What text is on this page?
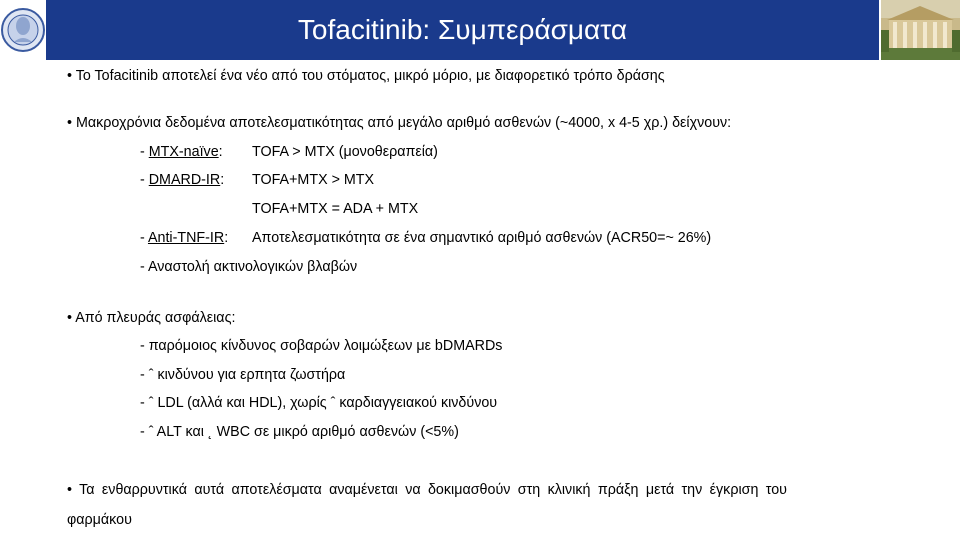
Tofacitinib: Συμπεράσματα
• To Tofacitinib αποτελεί ένα νέο από του στόματος, μικρό μόριο, με διαφορετικό τρόπο δράσης
• Μακροχρόνια δεδομένα αποτελεσματικότητας από μεγάλο αριθμό ασθενών (~4000, x 4-5 χρ.) δείχνουν:
- MTX-naïve: TOFA > MTX (μονοθεραπεία)
- DMARD-IR: TOFA+MTX > MTX
TOFA+MTX = ADA + MTX
- Anti-TNF-IR: Αποτελεσματικότητα σε ένα σημαντικό αριθμό ασθενών (ACR50=~ 26%)
- Αναστολή ακτινολογικών βλαβών
• Από πλευράς ασφάλειας:
- παρόμοιος κίνδυνος σοβαρών λοιμώξεων με bDMARDs
- ˆ κινδύνου για ερπητα ζωστήρα
- ˆ LDL (αλλά και HDL), χωρίς ˆ καρδιαγγειακού κινδύνου
- ˆ ALT και ˛ WBC σε μικρό αριθμό ασθενών (<5%)
• Τα ενθαρρυντικά αυτά αποτελέσματα αναμένεται να δοκιμασθούν στη κλινική πράξη μετά την έγκριση του
φαρμάκου
